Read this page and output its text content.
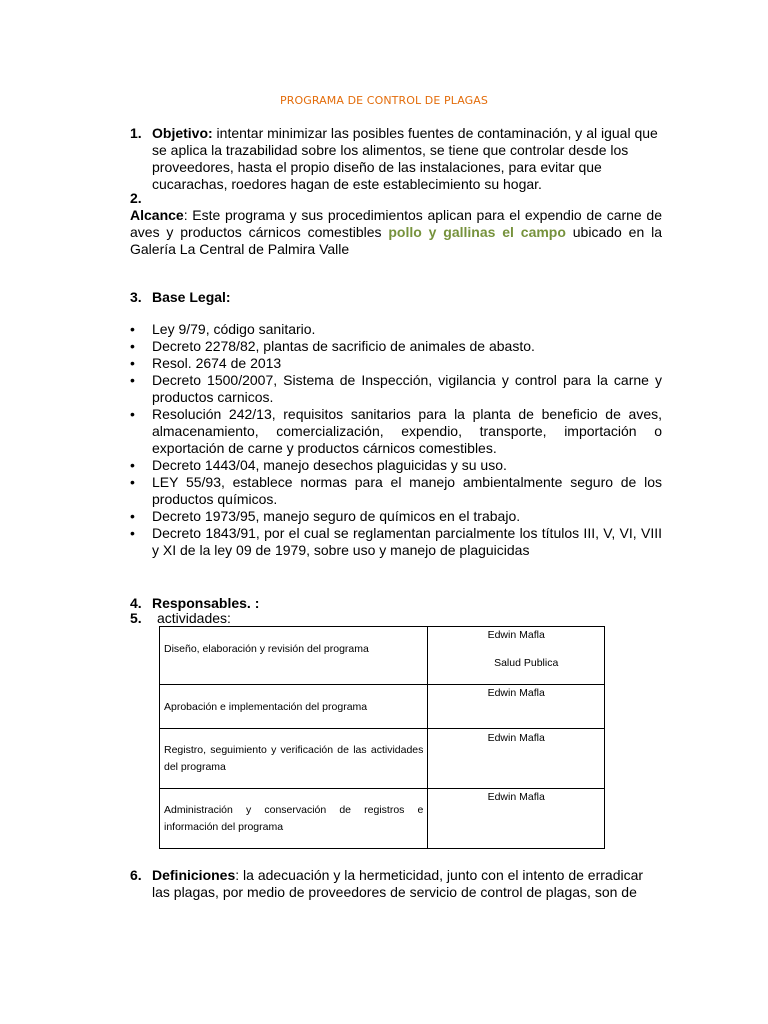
PROGRAMA DE CONTROL DE PLAGAS
1. Objetivo: intentar minimizar las posibles fuentes de contaminación, y al igual que
se aplica la trazabilidad sobre los alimentos, se tiene que controlar desde los
proveedores, hasta el propio diseño de las instalaciones, para evitar que
cucarachas, roedores hagan de este establecimiento su hogar.
2.
Alcance: Este programa y sus procedimientos aplican para el expendio de carne de
aves y productos cárnicos comestibles pollo y gallinas el campo ubicado en la
Galería La Central de Palmira Valle
3. Base Legal:
• Ley 9/79, código sanitario.
• Decreto 2278/82, plantas de sacrificio de animales de abasto.
• Resol. 2674 de 2013
• Decreto 1500/2007, Sistema de Inspección, vigilancia y control para la carne y productos carnicos.
• Resolución 242/13, requisitos sanitarios para la planta de beneficio de aves, almacenamiento, comercialización, expendio, transporte, importación o exportación de carne y productos cárnicos comestibles.
• Decreto 1443/04, manejo desechos plaguicidas y su uso.
• LEY 55/93, establece normas para el manejo ambientalmente seguro de los productos químicos.
• Decreto 1973/95, manejo seguro de químicos en el trabajo.
• Decreto 1843/91, por el cual se reglamentan parcialmente los títulos III, V, VI, VIII y XI de la ley 09 de 1979, sobre uso y manejo de plaguicidas
4. Responsables. :
5. actividades:
Diseño, elaboración y revisión del programa	Edwin Mafla
Salud Publica

Aprobación e implementación del programa	Edwin Mafla

Registro, seguimiento y verificación de las actividades del programa	Edwin Mafla

Administración y conservación de registros e información del programa	Edwin Mafla
6. Definiciones: la adecuación y la hermeticidad, junto con el intento de erradicar
las plagas, por medio de proveedores de servicio de control de plagas, son de
